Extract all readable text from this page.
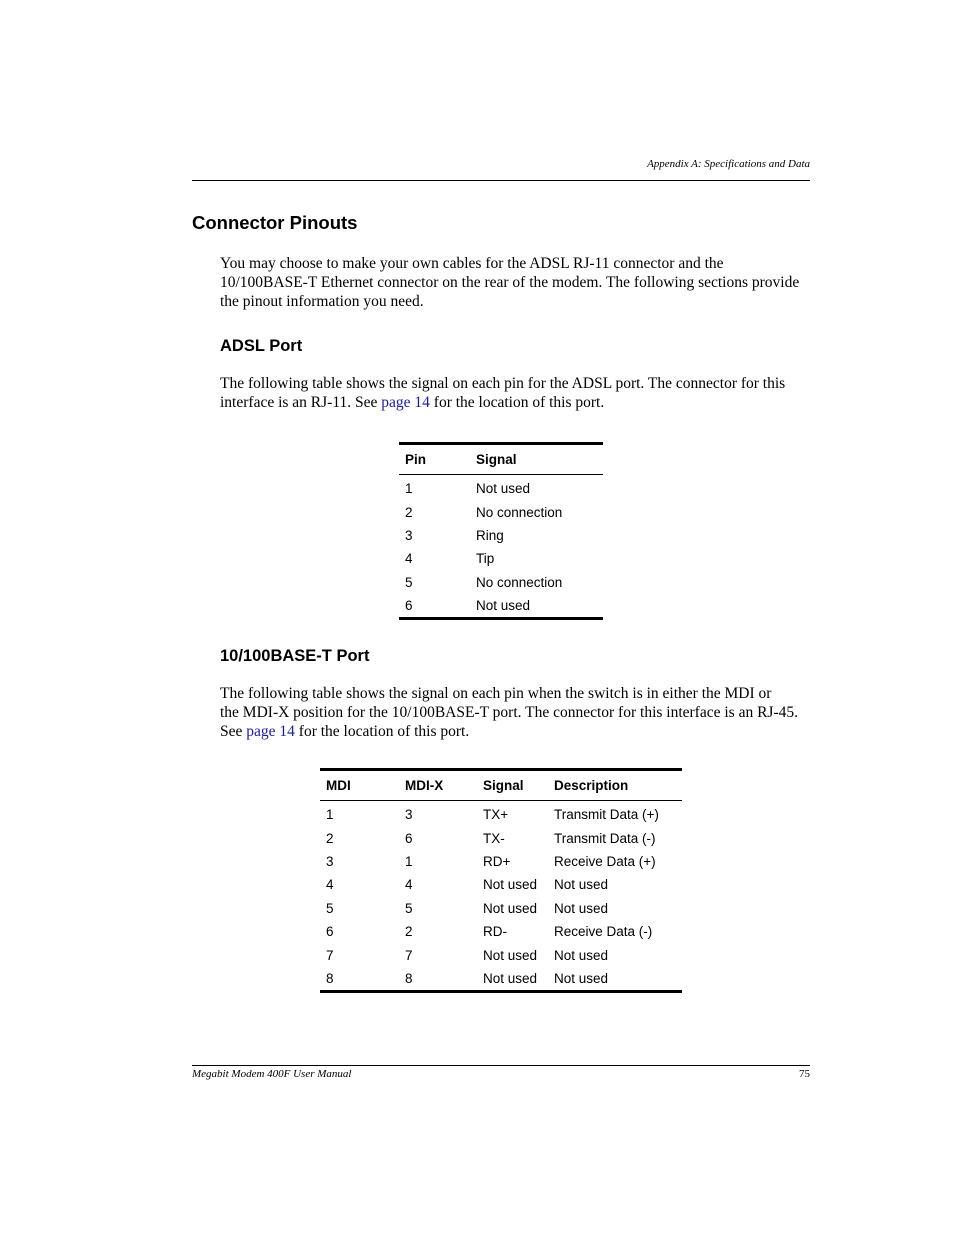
Appendix A: Specifications and Data
Connector Pinouts

You may choose to make your own cables for the ADSL RJ-11 connector and the
10/100BASE-T Ethernet connector on the rear of the modem. The following sections provide
the pinout information you need.

ADSL Port

The following table shows the signal on each pin for the ADSL port. The connector for this
interface is an RJ-11. See page 14 for the location of this port.

Pin	Signal
1	Not used
2	No connection
3	Ring
4	Tip
5	No connection
6	Not used
10/100BASE-T Port

The following table shows the signal on each pin when the switch is in either the MDI or
the MDI-X position for the 10/100BASE-T port. The connector for this interface is an RJ-45.
See page 14 for the location of this port.

MDI	MDI-X	Signal	Description
1	3	TX+	Transmit Data (+)
2	6	TX-	Transmit Data (-)
3	1	RD+	Receive Data (+)
4	4	Not used	Not used
5	5	Not used	Not used
6	2	RD-	Receive Data (-)
7	7	Not used	Not used
8	8	Not used	Not used
Megabit Modem 400F User Manual	75
